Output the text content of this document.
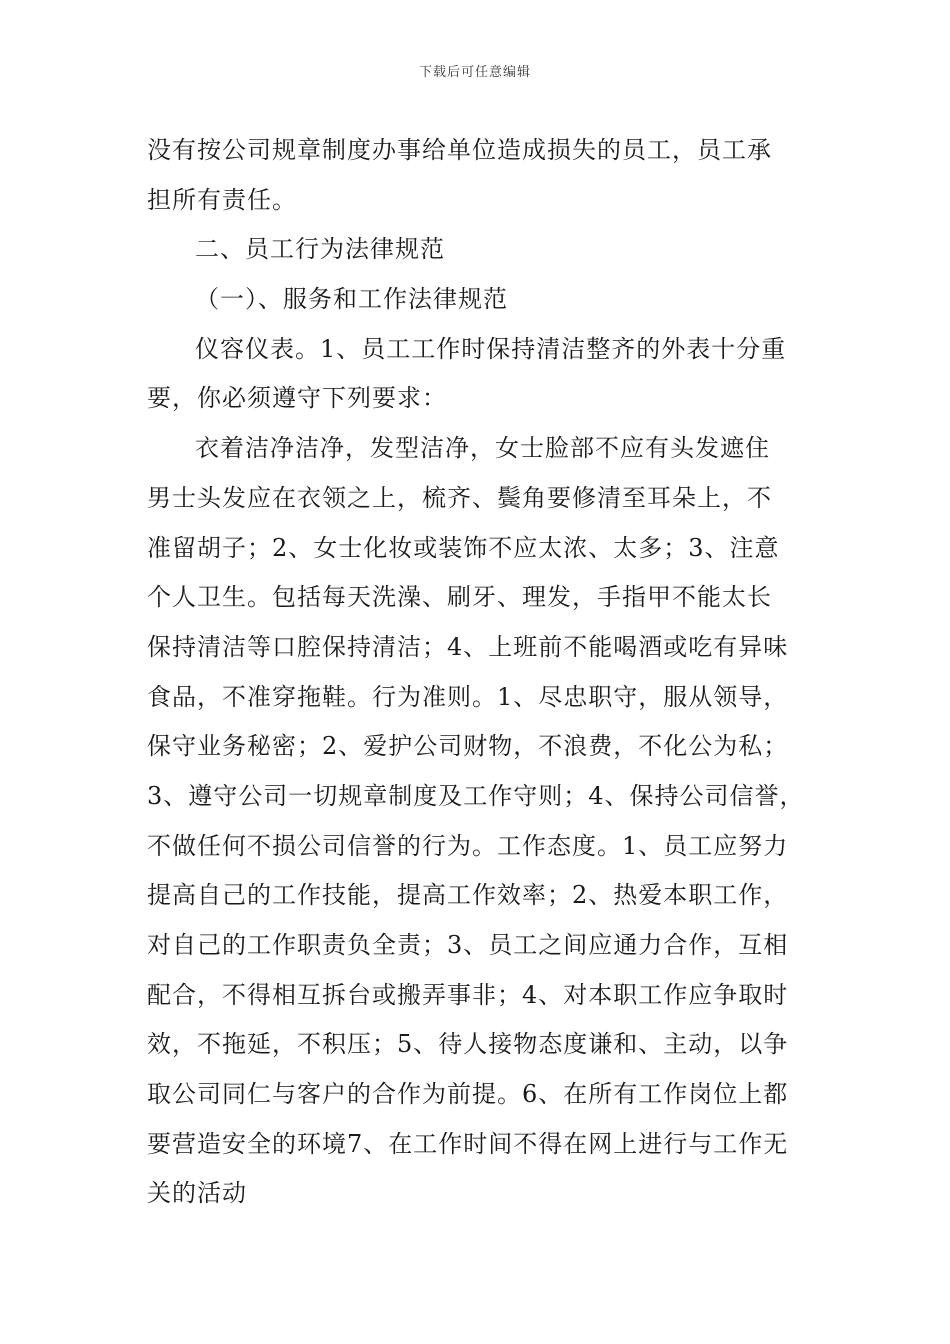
下载后可任意编辑
没有按公司规章制度办事给单位造成损失的员工，员工承
担所有责任。
二、员工行为法律规范
（一）、服务和工作法律规范
仪容仪表。1、员工工作时保持清洁整齐的外表十分重
要，你必须遵守下列要求：
衣着洁净洁净，发型洁净，女士脸部不应有头发遮住
男士头发应在衣领之上，梳齐、鬓角要修清至耳朵上，不
准留胡子；2、女士化妆或装饰不应太浓、太多；3、注意
个人卫生。包括每天洗澡、刷牙、理发，手指甲不能太长
保持清洁等口腔保持清洁；4、上班前不能喝酒或吃有异味
食品，不准穿拖鞋。行为准则。1、尽忠职守，服从领导，
保守业务秘密；2、爱护公司财物，不浪费，不化公为私；
3、遵守公司一切规章制度及工作守则；4、保持公司信誉，
不做任何不损公司信誉的行为。工作态度。1、员工应努力
提高自己的工作技能，提高工作效率；2、热爱本职工作，
对自己的工作职责负全责；3、员工之间应通力合作，互相
配合，不得相互拆台或搬弄事非；4、对本职工作应争取时
效，不拖延，不积压；5、待人接物态度谦和、主动，以争
取公司同仁与客户的合作为前提。6、在所有工作岗位上都
要营造安全的环境7、在工作时间不得在网上进行与工作无
关的活动
